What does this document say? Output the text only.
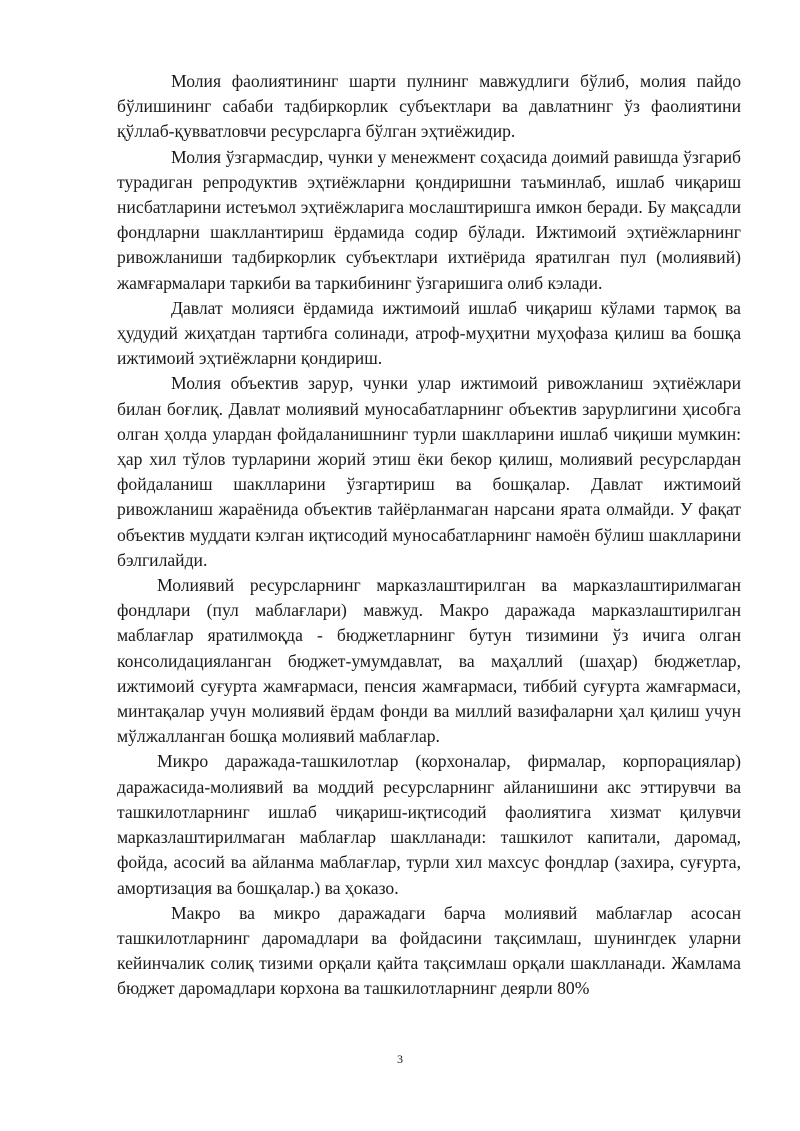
Молия фаолиятининг шарти пулнинг мавжудлиги бўлиб, молия пайдо бўлишининг сабаби тадбиркорлик субъектлари ва давлатнинг ўз фаолиятини қўллаб-қувватловчи ресурсларга бўлган эҳтиёжидир.

Молия ўзгармасдир, чунки у менежмент соҳасида доимий равишда ўзгариб турадиган репродуктив эҳтиёжларни қондиришни таъминлаб, ишлаб чиқариш нисбатларини истеъмол эҳтиёжларига мослаштиришга имкон беради. Бу мақсадли фондларни шакллантириш ёрдамида содир бўлади. Ижтимоий эҳтиёжларнинг ривожланиши тадбиркорлик субъектлари ихтиёрида яратилган пул (молиявий) жамғармалари таркиби ва таркибининг ўзгаришига олиб кэлади.

Давлат молияси ёрдамида ижтимоий ишлаб чиқариш кўлами тармоқ ва ҳудудий жиҳатдан тартибга солинади, атроф-муҳитни муҳофаза қилиш ва бошқа ижтимоий эҳтиёжларни қондириш.

Молия объектив зарур, чунки улар ижтимоий ривожланиш эҳтиёжлари билан боғлиқ. Давлат молиявий муносабатларнинг объектив зарурлигини ҳисобга олган ҳолда улардан фойдаланишнинг турли шаклларини ишлаб чиқиши мумкин: ҳар хил тўлов турларини жорий этиш ёки бекор қилиш, молиявий ресурслардан фойдаланиш шаклларини ўзгартириш ва бошқалар. Давлат ижтимоий ривожланиш жараёнида объектив тайёрланмаган нарсани ярата олмайди. У фақат объектив муддати кэлган иқтисодий муносабатларнинг намоён бўлиш шаклларини бэлгилайди.

Молиявий ресурсларнинг марказлаштирилган ва марказлаштирилмаган фондлари (пул маблағлари) мавжуд. Макро даражада марказлаштирилган маблағлар яратилмоқда - бюджетларнинг бутун тизимини ўз ичига олган консолидацияланган бюджет-умумдавлат, ва маҳаллий (шаҳар) бюджетлар, ижтимоий суғурта жамғармаси, пенсия жамғармаси, тиббий суғурта жамғармаси, минтақалар учун молиявий ёрдам фонди ва миллий вазифаларни ҳал қилиш учун мўлжалланган бошқа молиявий маблағлар.

Микро даражада-ташкилотлар (корхоналар, фирмалар, корпорациялар) даражасида-молиявий ва моддий ресурсларнинг айланишини акс эттирувчи ва ташкилотларнинг ишлаб чиқариш-иқтисодий фаолиятига хизмат қилувчи марказлаштирилмаган маблағлар шаклланади: ташкилот капитали, даромад, фойда, асосий ва айланма маблағлар, турли хил махсус фондлар (захира, суғурта, амортизация ва бошқалар.) ва ҳоказо.

Макро ва микро даражадаги барча молиявий маблағлар асосан ташкилотларнинг даромадлари ва фойдасини тақсимлаш, шунингдек уларни кейинчалик солиқ тизими орқали қайта тақсимлаш орқали шаклланади. Жамлама бюджет даромадлари корхона ва ташкилотларнинг деярли 80%

3
